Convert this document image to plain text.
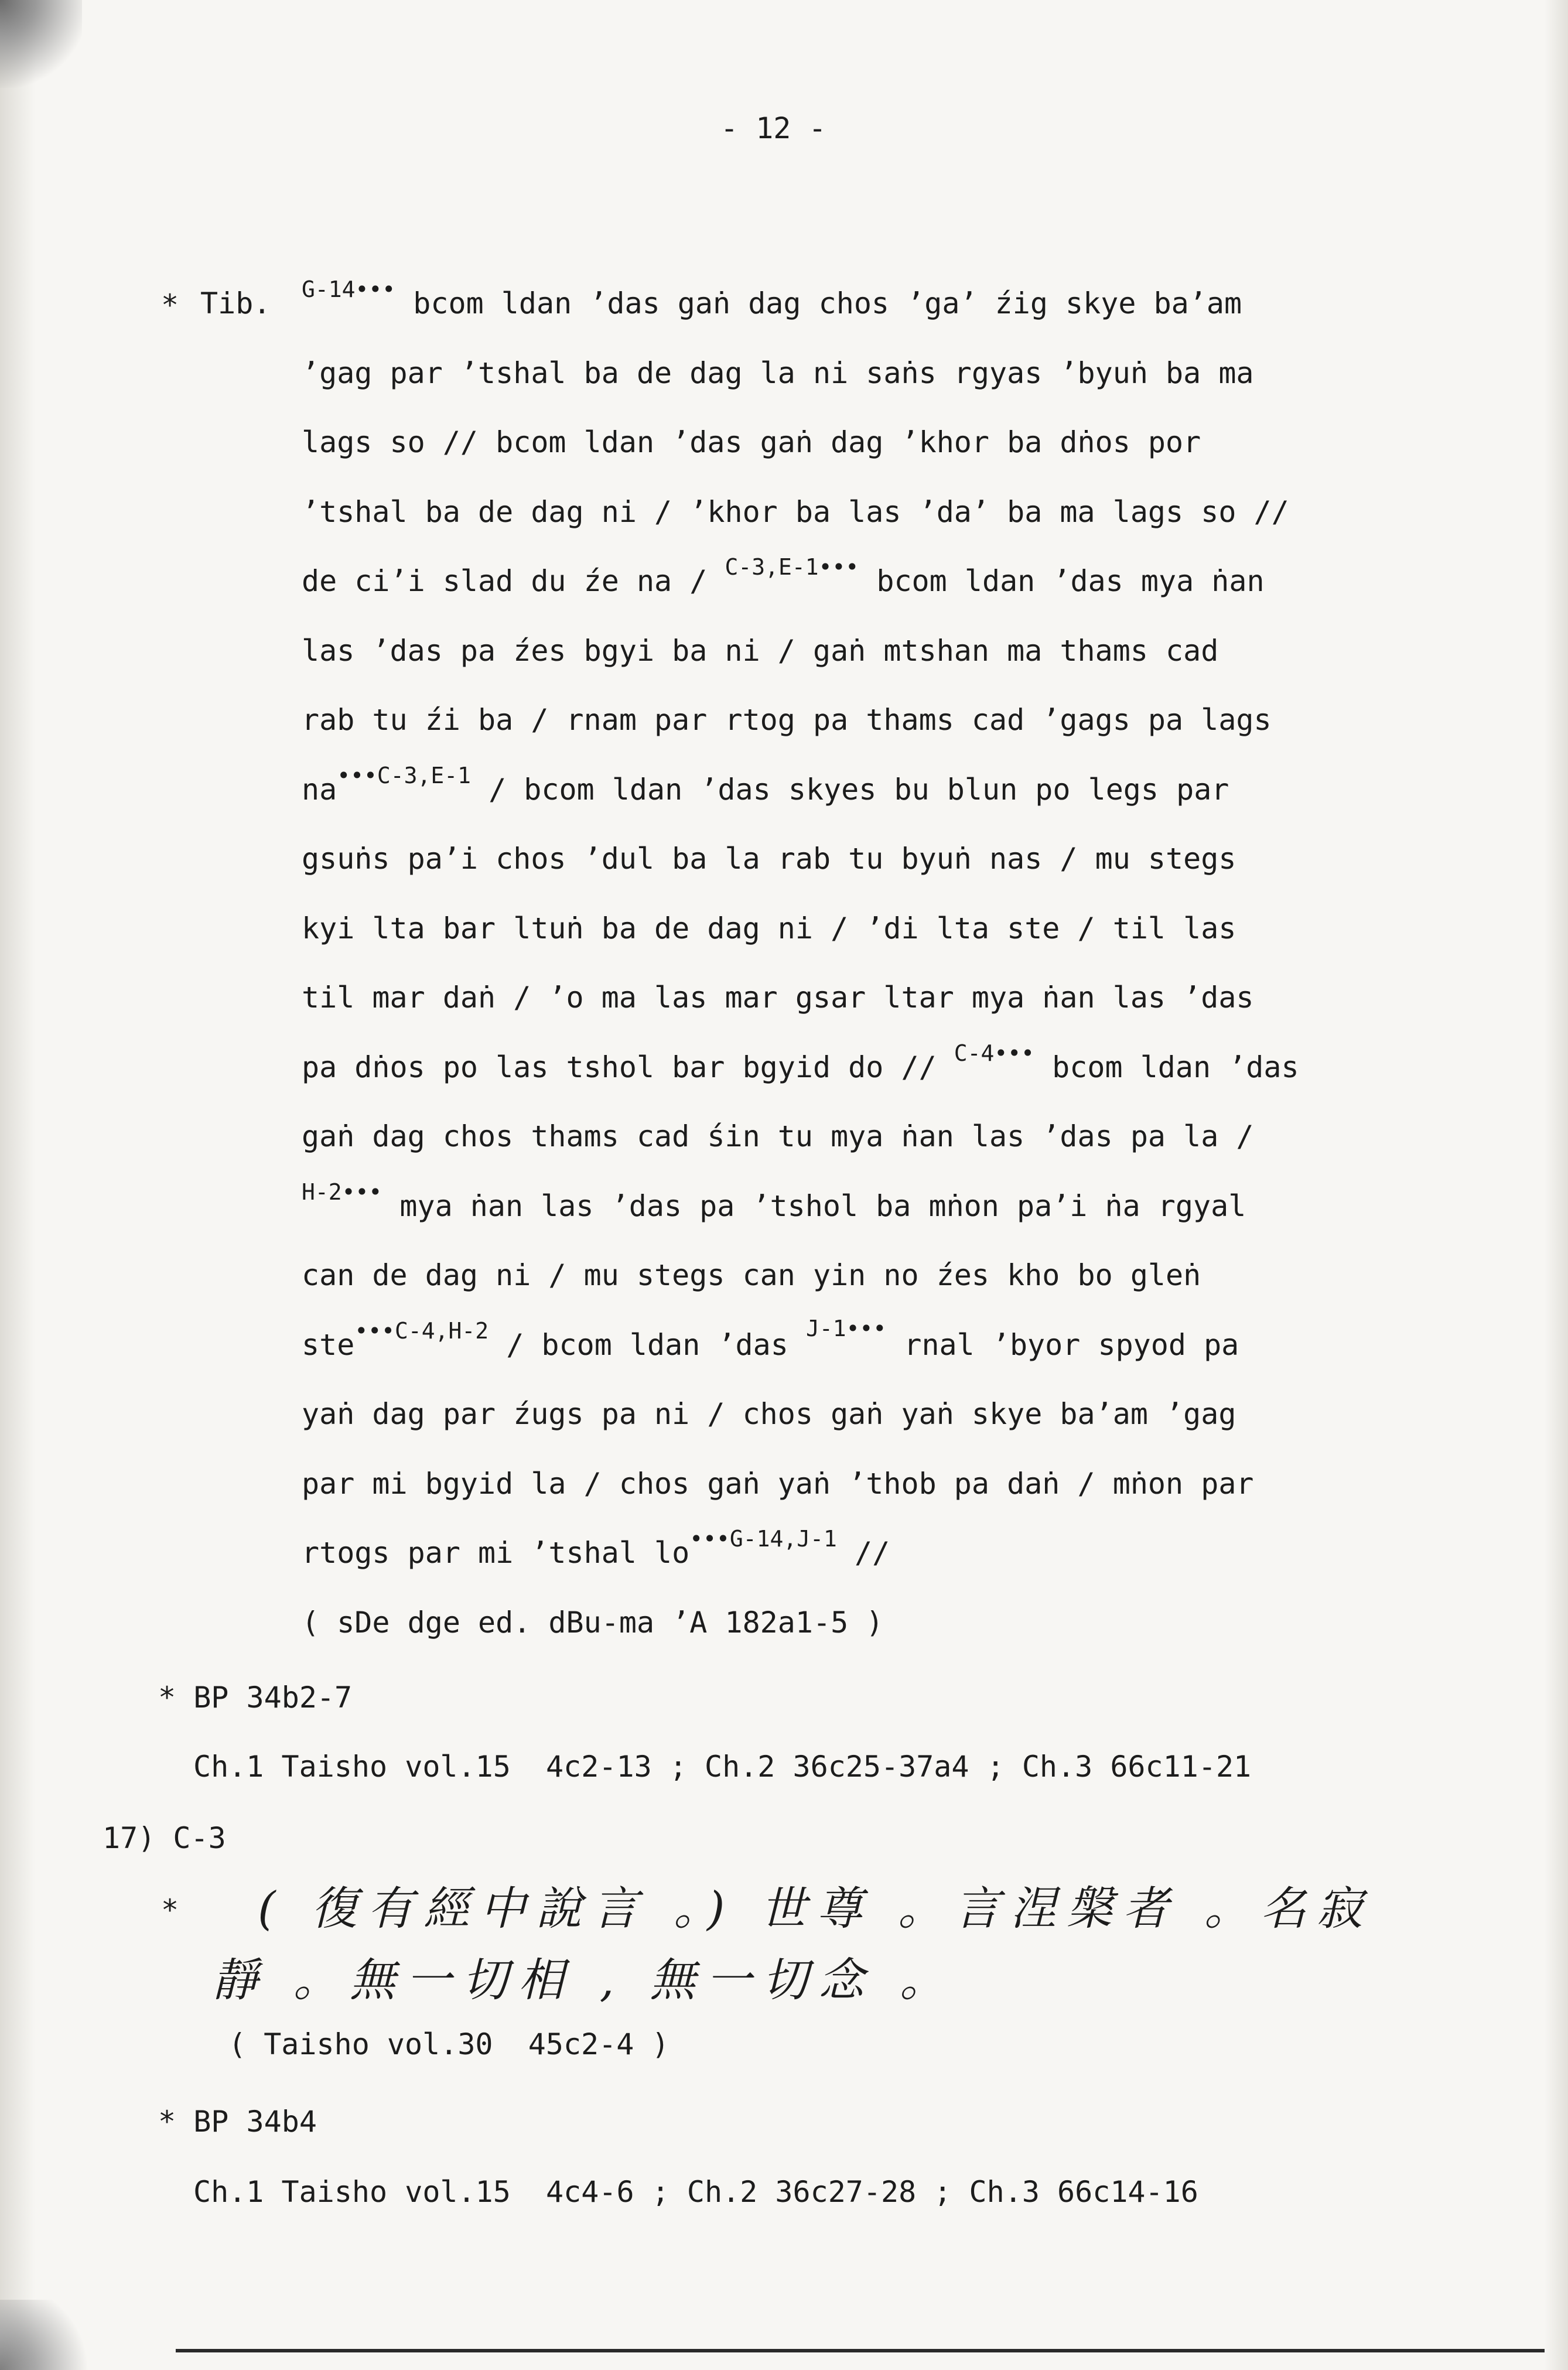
- 12 -
* Tib. $^{G-14•••}$ bcom ldan ʼdas gaṅ dag chos ʼgaʼ źig skye baʼam
ʼgag par ʼtshal ba de dag la ni saṅs rgyas ʼbyuṅ ba ma
lags so // bcom ldan ʼdas gaṅ dag ʼkhor ba dṅos por
ʼtshal ba de dag ni / ʼkhor ba las ʼdaʼ ba ma lags so //
de ciʼi slad du źe na / $^{C-3,E-1•••}$ bcom ldan ʼdas mya ṅan
las ʼdas pa źes bgyi ba ni / gaṅ mtshan ma thams cad
rab tu źi ba / rnam par rtog pa thams cad ʼgags pa lags
na$^{•••C-3,E-1}$ / bcom ldan ʼdas skyes bu blun po legs par
gsuṅs paʼi chos ʼdul ba la rab tu byuṅ nas / mu stegs
kyi lta bar ltuṅ ba de dag ni / ʼdi lta ste / til las
til mar daṅ / ʼo ma las mar gsar ltar mya ṅan las ʼdas
pa dṅos po las tshol bar bgyid do // $^{C-4•••}$ bcom ldan ʼdas
gaṅ dag chos thams cad śin tu mya ṅan las ʼdas pa la /
$^{H-2•••}$ mya ṅan las ʼdas pa ʼtshol ba mṅon paʼi ṅa rgyal
can de dag ni / mu stegs can yin no źes kho bo gleṅ
ste$^{•••C-4,H-2}$ / bcom ldan ʼdas $^{J-1•••}$ rnal ʼbyor spyod pa
yaṅ dag par źugs pa ni / chos gaṅ yaṅ skye baʼam ʼgag
par mi bgyid la / chos gaṅ yaṅ ʼthob pa daṅ / mṅon par
rtogs par mi ʼtshal lo$^{•••G-14,J-1}$ //
( sDe dge ed. dBu-ma ʼA 182a1-5 )
* BP 34b2-7
Ch.1 Taisho vol.15  4c2-13 ; Ch.2 36c25-37a4 ; Ch.3 66c11-21
17) C-3
* ( 復有經中說言 。) 世尊 。言涅槃者 。名寂
靜 。無一切相 , 無一切念 。
( Taisho vol.30  45c2-4 )
* BP 34b4
Ch.1 Taisho vol.15  4c4-6 ; Ch.2 36c27-28 ; Ch.3 66c14-16
